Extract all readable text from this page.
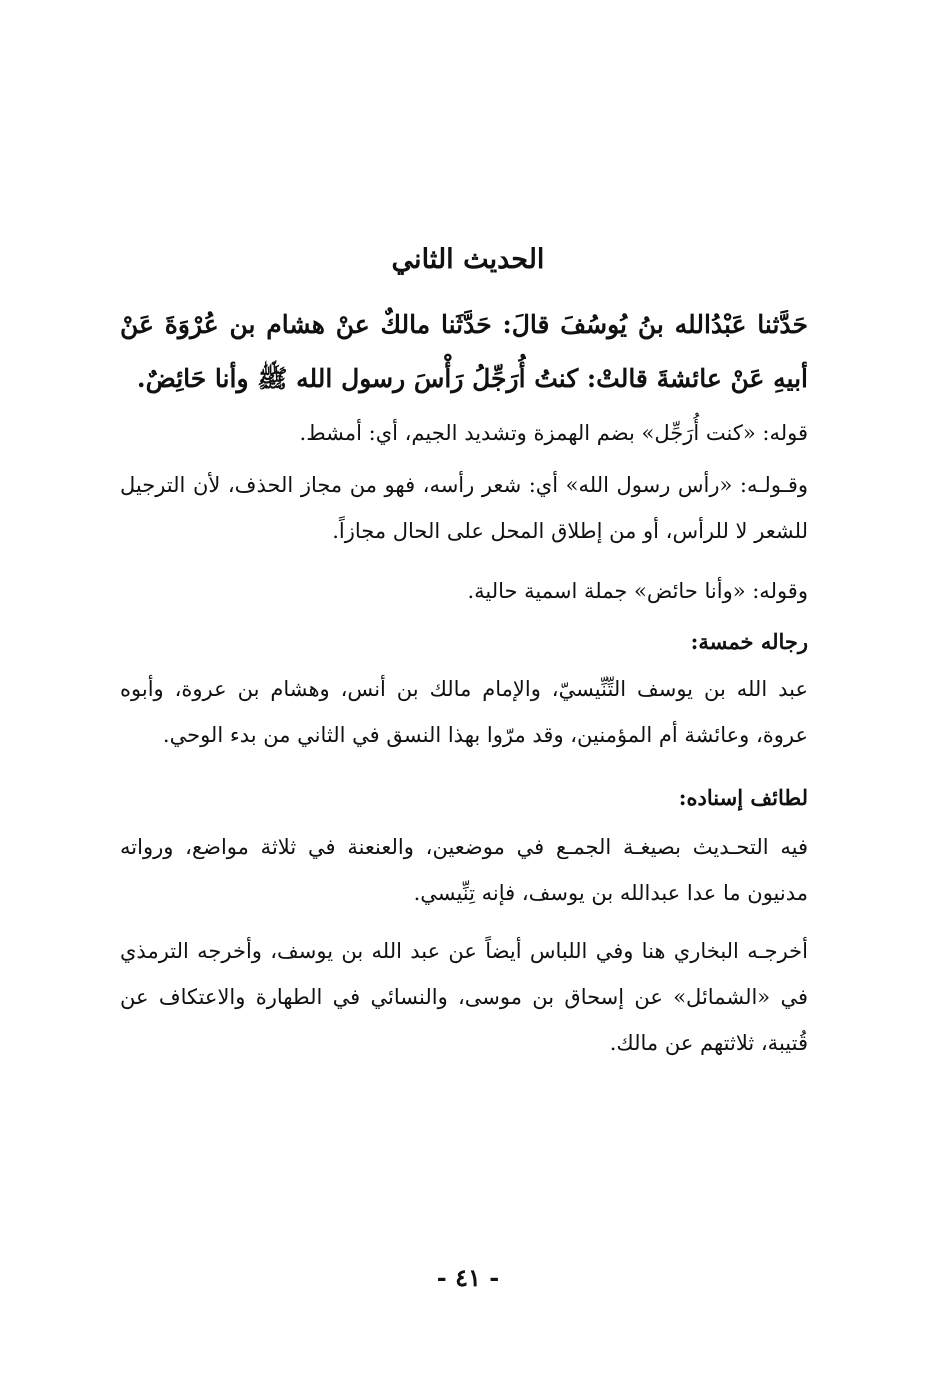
الحديث الثاني
حَدَّثنا عَبْدُالله بنُ يُوسُفَ قالَ: حَدَّثَنا مالكٌ عنْ هشام بن عُرْوَةَ عَنْ أبيهِ عَنْ عائشةَ قالتْ: كنتُ أُرَجِّلُ رَأْسَ رسول الله ﷺ وأنا حَائِضٌ.
قوله: «كنت أُرَجِّل» بضم الهمزة وتشديد الجيم، أي: أمشط.
وقـولـه: «رأس رسول الله» أي: شعر رأسه، فهو من مجاز الحذف، لأن الترجيل للشعر لا للرأس، أو من إطلاق المحل على الحال مجازاً.
وقوله: «وأنا حائض» جملة اسمية حالية.
رجاله خمسة:
عبد الله بن يوسف التِّنِّيسيّ، والإمام مالك بن أنس، وهشام بن عروة، وأبوه عروة، وعائشة أم المؤمنين، وقد مرّوا بهذا النسق في الثاني من بدء الوحي.
لطائف إسناده:
فيه التحـديث بصيغـة الجمـع في موضعين، والعنعنة في ثلاثة مواضع، ورواته مدنيون ما عدا عبدالله بن يوسف، فإنه تِنِّيسي.
أخرجـه البخاري هنا وفي اللباس أيضاً عن عبد الله بن يوسف، وأخرجه الترمذي في «الشمائل» عن إسحاق بن موسى، والنسائي في الطهارة والاعتكاف عن قُتيبة، ثلاثتهم عن مالك.
- ٤١ -
